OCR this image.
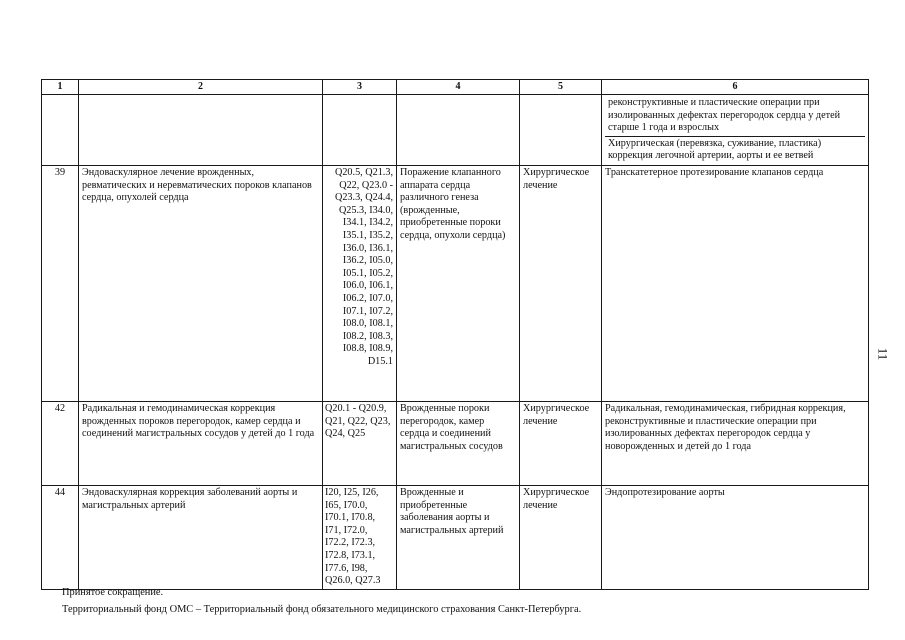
1	2	3	4	5	6

					реконструктивные и пластические операции при изолированных дефектах перегородок сердца у детей старше 1 года и взрослых
Хирургическая (перевязка, суживание, пластика) коррекция легочной артерии, аорты и ее ветвей

39	Эндоваскулярное лечение врожденных, ревматических и неревматических пороков клапанов сердца, опухолей сердца	Q20.5, Q21.3, Q22, Q23.0 - Q23.3, Q24.4, Q25.3, I34.0, I34.1, I34.2, I35.1, I35.2, I36.0, I36.1, I36.2, I05.0, I05.1, I05.2, I06.0, I06.1, I06.2, I07.0, I07.1, I07.2, I08.0, I08.1, I08.2, I08.3, I08.8, I08.9, D15.1	Поражение клапанного аппарата сердца различного генеза (врожденные, приобретенные пороки сердца, опухоли сердца)	Хирургическое лечение	Транскатетерное протезирование клапанов сердца
42	Радикальная и гемодинамическая коррекция врожденных пороков перегородок, камер сердца и соединений магистральных сосудов у детей до 1 года	Q20.1 - Q20.9, Q21, Q22, Q23, Q24, Q25	Врожденные пороки перегородок, камер сердца и соединений магистральных сосудов	Хирургическое лечение	Радикальная, гемодинамическая, гибридная коррекция, реконструктивные и пластические операции при изолированных дефектах перегородок сердца у новорожденных и детей до 1 года
44	Эндоваскулярная коррекция заболеваний аорты и магистральных артерий	I20, I25, I26, I65, I70.0, I70.1, I70.8, I71, I72.0, I72.2, I72.3, I72.8, I73.1, I77.6, I98, Q26.0, Q27.3	Врожденные и приобретенные заболевания аорты и магистральных артерий	Хирургическое лечение	Эндопротезирование аорты
11
Принятое сокращение.
Территориальный фонд ОМС – Территориальный фонд обязательного медицинского страхования Санкт-Петербурга.
